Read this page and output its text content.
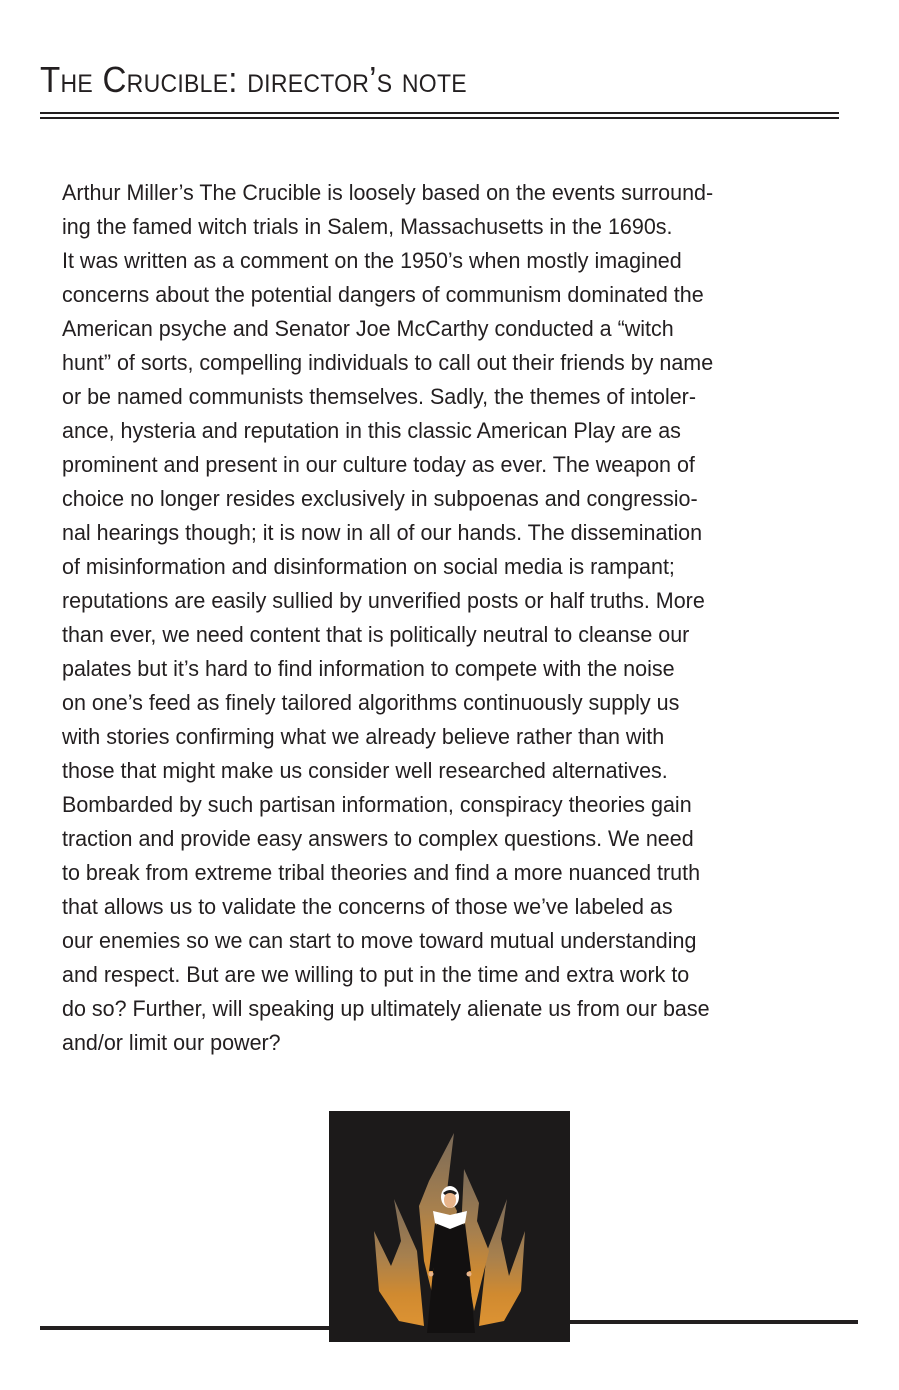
The Crucible: director’s note

Arthur Miller’s The Crucible is loosely based on the events surround-
ing the famed witch trials in Salem, Massachusetts in the 1690s.
It was written as a comment on the 1950’s when mostly imagined
concerns about the potential dangers of communism dominated the
American psyche and Senator Joe McCarthy conducted a “witch
hunt” of sorts, compelling individuals to call out their friends by name
or be named communists themselves. Sadly, the themes of intoler-
ance, hysteria and reputation in this classic American Play are as
prominent and present in our culture today as ever. The weapon of
choice no longer resides exclusively in subpoenas and congressio-
nal hearings though; it is now in all of our hands. The dissemination
of misinformation and disinformation on social media is rampant;
reputations are easily sullied by unverified posts or half truths. More
than ever, we need content that is politically neutral to cleanse our
palates but it’s hard to find information to compete with the noise
on one’s feed as finely tailored algorithms continuously supply us
with stories confirming what we already believe rather than with
those that might make us consider well researched alternatives.
Bombarded by such partisan information, conspiracy theories gain
traction and provide easy answers to complex questions. We need
to break from extreme tribal theories and find a more nuanced truth
that allows us to validate the concerns of those we’ve labeled as
our enemies so we can start to move toward mutual understanding
and respect. But are we willing to put in the time and extra work to
do so? Further, will speaking up ultimately alienate us from our base
and/or limit our power?
